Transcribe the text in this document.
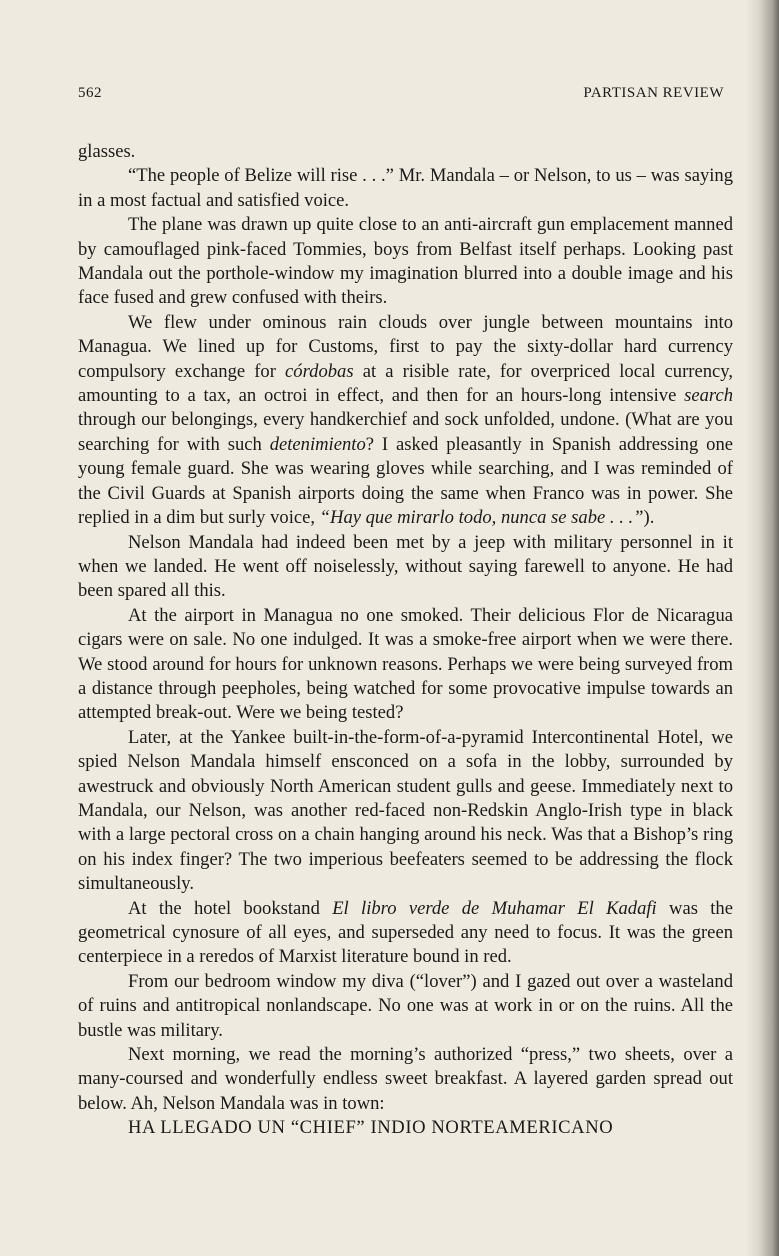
562	PARTISAN REVIEW

glasses.

“The people of Belize will rise . . .” Mr. Mandala – or Nelson, to us – was saying in a most factual and satisfied voice.

The plane was drawn up quite close to an anti-aircraft gun emplacement manned by camouflaged pink-faced Tommies, boys from Belfast itself perhaps. Looking past Mandala out the porthole-window my imagination blurred into a double image and his face fused and grew confused with theirs.

We flew under ominous rain clouds over jungle between mountains into Managua. We lined up for Customs, first to pay the sixty-dollar hard currency compulsory exchange for córdobas at a risible rate, for overpriced local currency, amounting to a tax, an octroi in effect, and then for an hours-long intensive search through our belongings, every handkerchief and sock unfolded, undone. (What are you searching for with such detenimiento? I asked pleasantly in Spanish addressing one young female guard. She was wearing gloves while searching, and I was reminded of the Civil Guards at Spanish airports doing the same when Franco was in power. She replied in a dim but surly voice, “Hay que mirarlo todo, nunca se sabe . . .”).

Nelson Mandala had indeed been met by a jeep with military personnel in it when we landed. He went off noiselessly, without saying farewell to anyone. He had been spared all this.

At the airport in Managua no one smoked. Their delicious Flor de Nicaragua cigars were on sale. No one indulged. It was a smoke-free airport when we were there. We stood around for hours for unknown reasons. Perhaps we were being surveyed from a distance through peepholes, being watched for some provocative impulse towards an attempted break-out. Were we being tested?

Later, at the Yankee built-in-the-form-of-a-pyramid Intercontinental Hotel, we spied Nelson Mandala himself ensconced on a sofa in the lobby, surrounded by awestruck and obviously North American student gulls and geese. Immediately next to Mandala, our Nelson, was another red-faced non-Redskin Anglo-Irish type in black with a large pectoral cross on a chain hanging around his neck. Was that a Bishop’s ring on his index finger? The two imperious beefeaters seemed to be addressing the flock simultaneously.

At the hotel bookstand El libro verde de Muhamar El Kadafi was the geometrical cynosure of all eyes, and superseded any need to focus. It was the green centerpiece in a reredos of Marxist literature bound in red.

From our bedroom window my diva (“lover”) and I gazed out over a wasteland of ruins and antitropical nonlandscape. No one was at work in or on the ruins. All the bustle was military.

Next morning, we read the morning’s authorized “press,” two sheets, over a many-coursed and wonderfully endless sweet breakfast. A layered garden spread out below. Ah, Nelson Mandala was in town:

HA LLEGADO UN “CHIEF” INDIO NORTEAMERICANO
